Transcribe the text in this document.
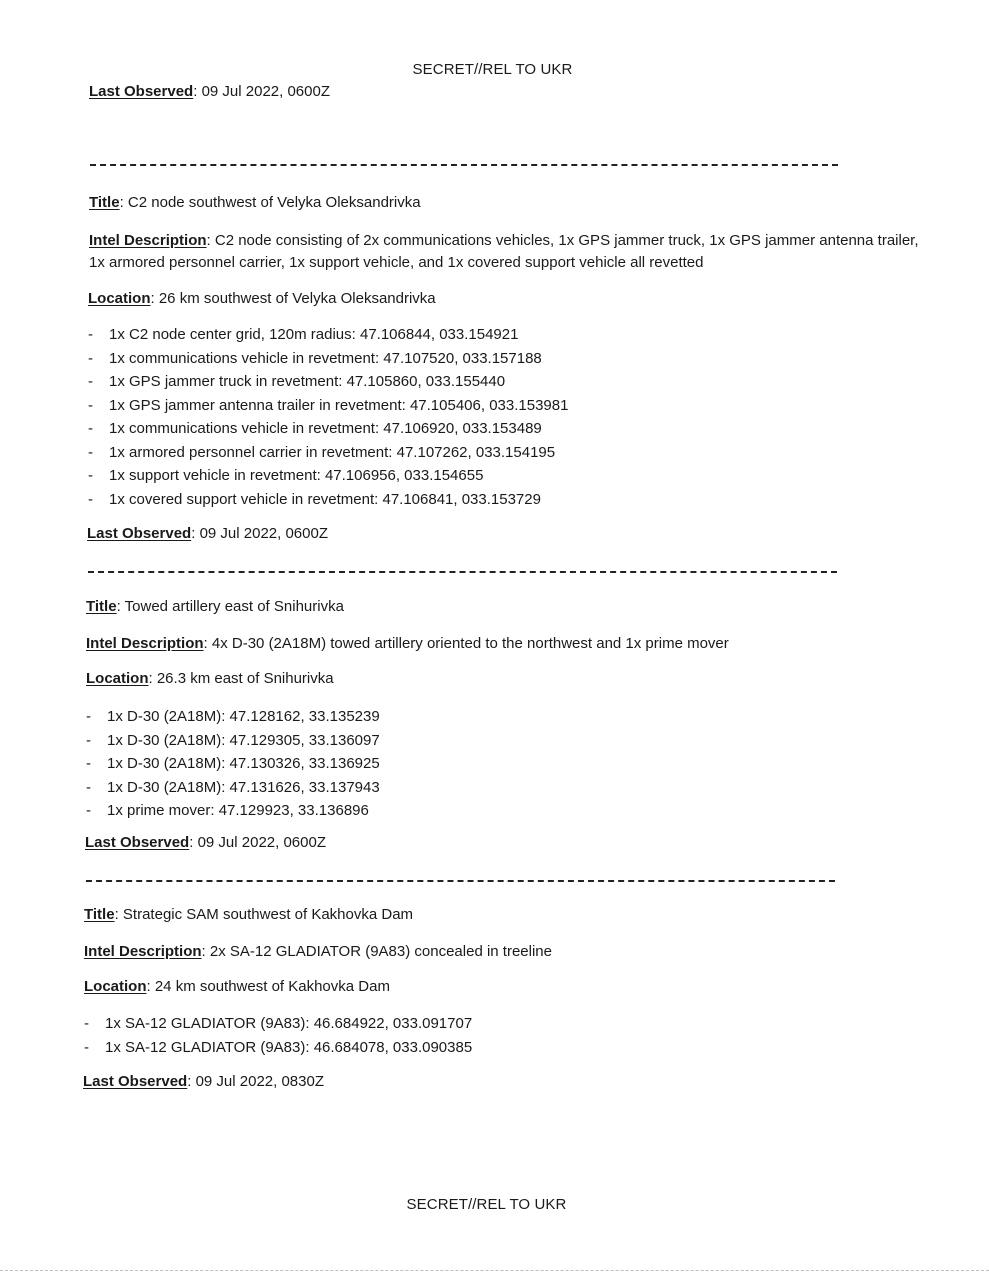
SECRET//REL TO UKR
Last Observed: 09 Jul 2022, 0600Z
Title: C2 node southwest of Velyka Oleksandrivka
Intel Description: C2 node consisting of 2x communications vehicles, 1x GPS jammer truck, 1x GPS jammer antenna trailer, 1x armored personnel carrier, 1x support vehicle, and 1x covered support vehicle all revetted
Location: 26 km southwest of Velyka Oleksandrivka
- 1x C2 node center grid, 120m radius: 47.106844, 033.154921
- 1x communications vehicle in revetment: 47.107520, 033.157188
- 1x GPS jammer truck in revetment: 47.105860, 033.155440
- 1x GPS jammer antenna trailer in revetment: 47.105406, 033.153981
- 1x communications vehicle in revetment: 47.106920, 033.153489
- 1x armored personnel carrier in revetment: 47.107262, 033.154195
- 1x support vehicle in revetment: 47.106956, 033.154655
- 1x covered support vehicle in revetment: 47.106841, 033.153729
Last Observed: 09 Jul 2022, 0600Z
Title: Towed artillery east of Snihurivka
Intel Description: 4x D-30 (2A18M) towed artillery oriented to the northwest and 1x prime mover
Location: 26.3 km east of Snihurivka
- 1x D-30 (2A18M): 47.128162, 33.135239
- 1x D-30 (2A18M): 47.129305, 33.136097
- 1x D-30 (2A18M): 47.130326, 33.136925
- 1x D-30 (2A18M): 47.131626, 33.137943
- 1x prime mover: 47.129923, 33.136896
Last Observed: 09 Jul 2022, 0600Z
Title: Strategic SAM southwest of Kakhovka Dam
Intel Description: 2x SA-12 GLADIATOR (9A83) concealed in treeline
Location: 24 km southwest of Kakhovka Dam
- 1x SA-12 GLADIATOR (9A83): 46.684922, 033.091707
- 1x SA-12 GLADIATOR (9A83): 46.684078, 033.090385
Last Observed: 09 Jul 2022, 0830Z
SECRET//REL TO UKR
